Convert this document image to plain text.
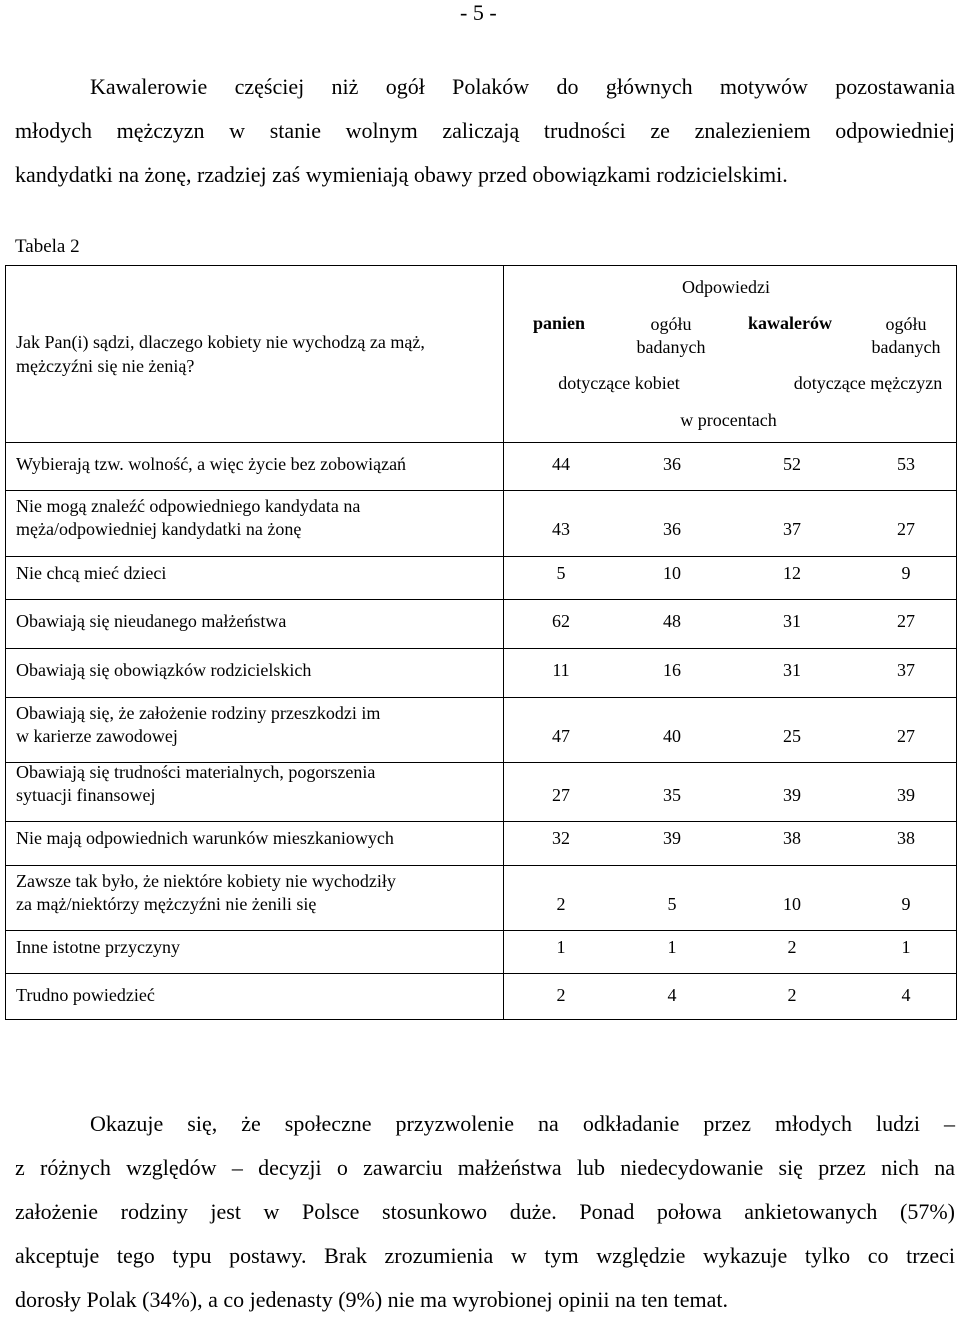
- 5 -
Kawalerowie częściej niż ogół Polaków do głównych motywów pozostawania
młodych mężczyzn w stanie wolnym zaliczają trudności ze znalezieniem odpowiedniej
kandydatki na żonę, rzadziej zaś wymieniają obawy przed obowiązkami rodzicielskimi.
Tabela 2
Jak Pan(i) sądzi, dlaczego kobiety nie wychodzą za mąż,
mężczyźni się nie żenią?
Odpowiedzi
panien	ogółu
badanych
kawalerów	ogółu
badanych
dotyczące kobiet	dotyczące mężczyzn
w procentach
Wybierają tzw. wolność, a więc życie bez zobowiązań	44	36	52	53
Nie mogą znaleźć odpowiedniego kandydata na
męża/odpowiedniej kandydatki na żonę	43	36	37	27
Nie chcą mieć dzieci	5	10	12	9
Obawiają się nieudanego małżeństwa	62	48	31	27
Obawiają się obowiązków rodzicielskich	11	16	31	37
Obawiają się, że założenie rodziny przeszkodzi im
w karierze zawodowej	47	40	25	27
Obawiają się trudności materialnych, pogorszenia
sytuacji finansowej	27	35	39	39
Nie mają odpowiednich warunków mieszkaniowych	32	39	38	38
Zawsze tak było, że niektóre kobiety nie wychodziły
za mąż/niektórzy mężczyźni nie żenili się	2	5	10	9
Inne istotne przyczyny	1	1	2	1
Trudno powiedzieć	2	4	2	4
Okazuje się, że społeczne przyzwolenie na odkładanie przez młodych ludzi –
z różnych względów – decyzji o zawarciu małżeństwa lub niedecydowanie się przez nich na
założenie rodziny jest w Polsce stosunkowo duże. Ponad połowa ankietowanych (57%)
akceptuje tego typu postawy. Brak zrozumienia w tym względzie wykazuje tylko co trzeci
dorosły Polak (34%), a co jedenasty (9%) nie ma wyrobionej opinii na ten temat.
